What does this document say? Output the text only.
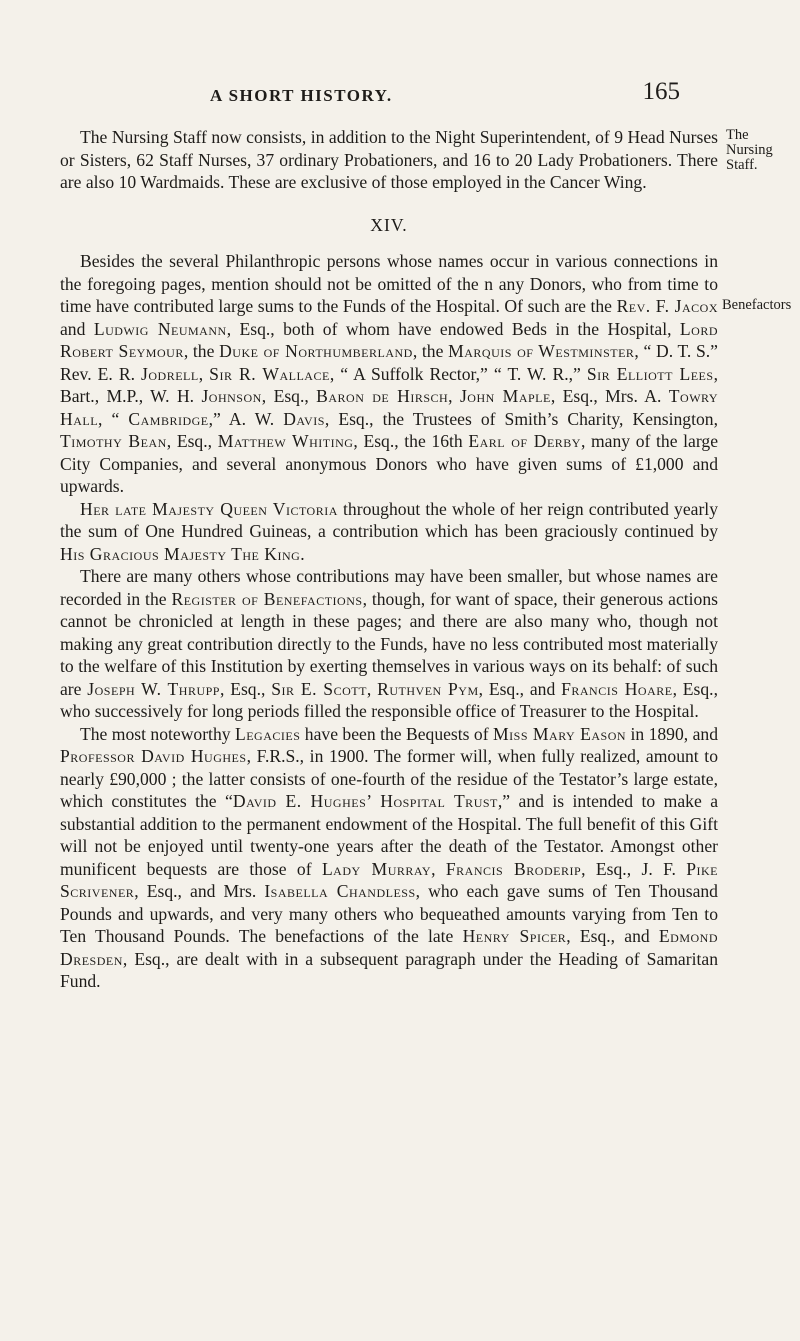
A SHORT HISTORY.	165
The Nursing Staff.
Benefactors

The Nursing Staff now consists, in addition to the Night Superintendent, of 9 Head Nurses or Sisters, 62 Staff Nurses, 37 ordinary Probationers, and 16 to 20 Lady Probationers. There are also 10 Wardmaids. These are exclusive of those employed in the Cancer Wing.

XIV.

Besides the several Philanthropic persons whose names occur in various connections in the foregoing pages, mention should not be omitted of the n any Donors, who from time to time have contributed large sums to the Funds of the Hospital. Of such are the Rev. F. Jacox and Ludwig Neumann, Esq., both of whom have endowed Beds in the Hospital, Lord Robert Seymour, the Duke of Northumberland, the Marquis of Westminster, “ D. T. S.” Rev. E. R. Jodrell, Sir R. Wallace, “ A Suffolk Rector,” “ T. W. R.,” Sir Elliott Lees, Bart., M.P., W. H. Johnson, Esq., Baron de Hirsch, John Maple, Esq., Mrs. A. Towry Hall, “ Cambridge,” A. W. Davis, Esq., the Trustees of Smith’s Charity, Kensington, Timothy Bean, Esq., Matthew Whiting, Esq., the 16th Earl of Derby, many of the large City Companies, and several anonymous Donors who have given sums of £1,000 and upwards.

Her late Majesty Queen Victoria throughout the whole of her reign contributed yearly the sum of One Hundred Guineas, a contribution which has been graciously continued by His Gracious Majesty The King.

There are many others whose contributions may have been smaller, but whose names are recorded in the Register of Benefactions, though, for want of space, their generous actions cannot be chronicled at length in these pages; and there are also many who, though not making any great contribution directly to the Funds, have no less contributed most materially to the welfare of this Institution by exerting themselves in various ways on its behalf: of such are Joseph W. Thrupp, Esq., Sir E. Scott, Ruthven Pym, Esq., and Francis Hoare, Esq., who successively for long periods filled the responsible office of Treasurer to the Hospital.

The most noteworthy Legacies have been the Bequests of Miss Mary Eason in 1890, and Professor David Hughes, F.R.S., in 1900. The former will, when fully realized, amount to nearly £90,000 ; the latter consists of one-fourth of the residue of the Testator’s large estate, which constitutes the “David E. Hughes’ Hospital Trust,” and is intended to make a substantial addition to the permanent endowment of the Hospital. The full benefit of this Gift will not be enjoyed until twenty-one years after the death of the Testator. Amongst other munificent bequests are those of Lady Murray, Francis Broderip, Esq., J. F. Pike Scrivener, Esq., and Mrs. Isabella Chandless, who each gave sums of Ten Thousand Pounds and upwards, and very many others who bequeathed amounts varying from Ten to Ten Thousand Pounds. The benefactions of the late Henry Spicer, Esq., and Edmond Dresden, Esq., are dealt with in a subsequent paragraph under the Heading of Samaritan Fund.
